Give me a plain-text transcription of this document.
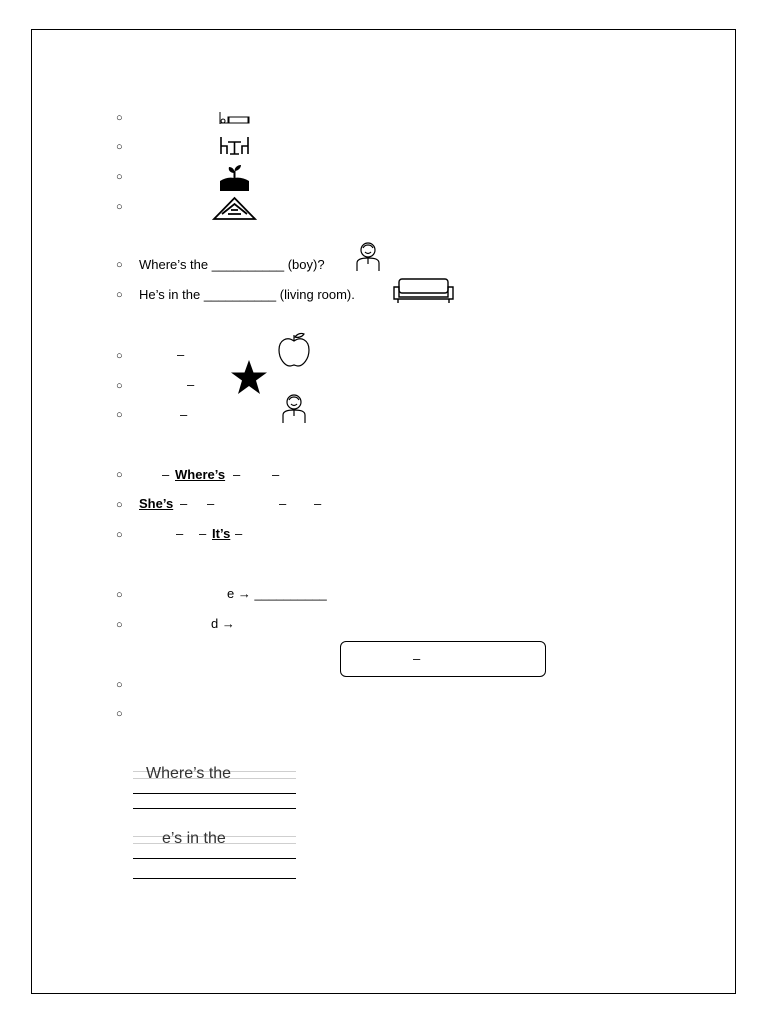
○
○
○
○
○ Where’s the __________ (boy)?
○ He’s in the __________ (living room).
○	–
○	–
○	–
○	– Where’s – –
○ She’s – –	– –
○	– – It’s –
○	e → __________
○	d →
–
○
○
Where’s the
e’s in the
